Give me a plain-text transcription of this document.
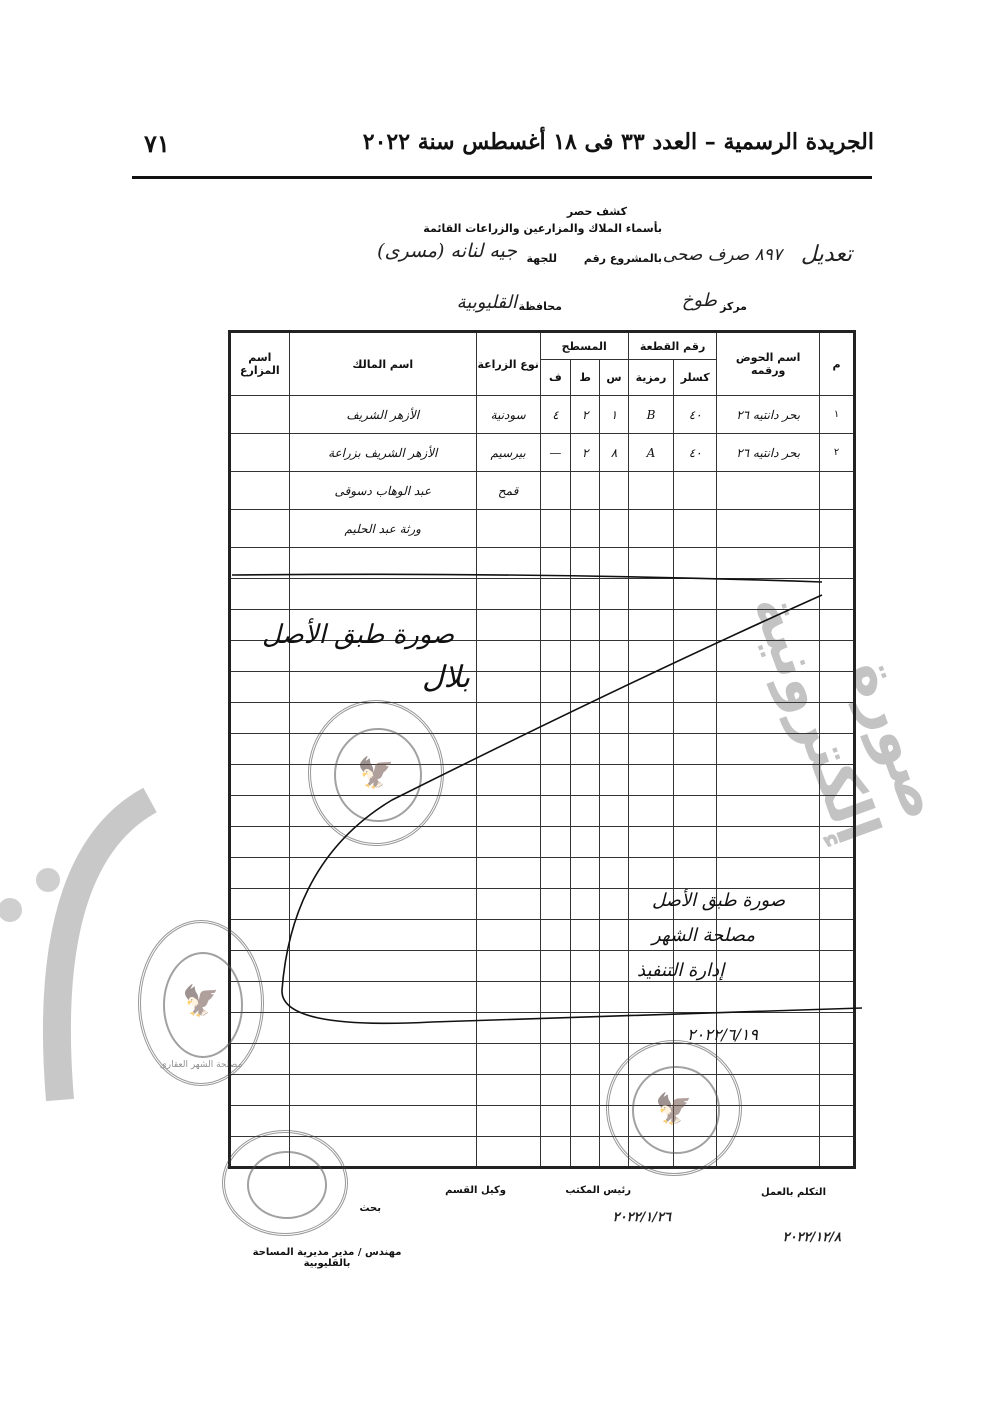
٧١	الجريدة الرسمية – العدد ٣٣ فى ١٨ أغسطس سنة ٢٠٢٢
صورة إلكترونية
كشف حصر
بأسماء الملاك والمزارعين والزراعات القائمة
تعديل
بالمشروع رقم ٨٩٧ صرف صحى
للجهة
جيه لنانه (مسرى)
مركز
طوخ
محافظة
القليوبية
م	اسم الحوض ورقمه	رقم القطعة		المسطح			نوع الزراعة	اسم المالك	اسم المزارع
		كسلر	رمزية	س	ط	ف			
١	بحر دانتيه ٢٦	٤٠	B	١	٢	٤	سودنية	الأزهر الشريف	
٢	بحر دانتيه ٢٦	٤٠	A	٨	٢	—	بيرسيم	الأزهر الشريف بزراعة	
							قمح	عبد الوهاب دسوقى	
								ورثة عبد الحليم	

🦅
🦅
🦅
مصلحة الشهر العقارى
صورة طبق الأصل
بلال
صورة طبق الأصل
مصلحة الشهر
إدارة التنفيذ
٢٠٢٢/٦/١٩
التكلم بالعمل
رئيس المكتب
وكيل القسم
بحث
مهندس / مدير مديرية المساحة بالقليوبية
٢٠٢٢/١/٢٦
٢٠٢٢/١٢/٨
